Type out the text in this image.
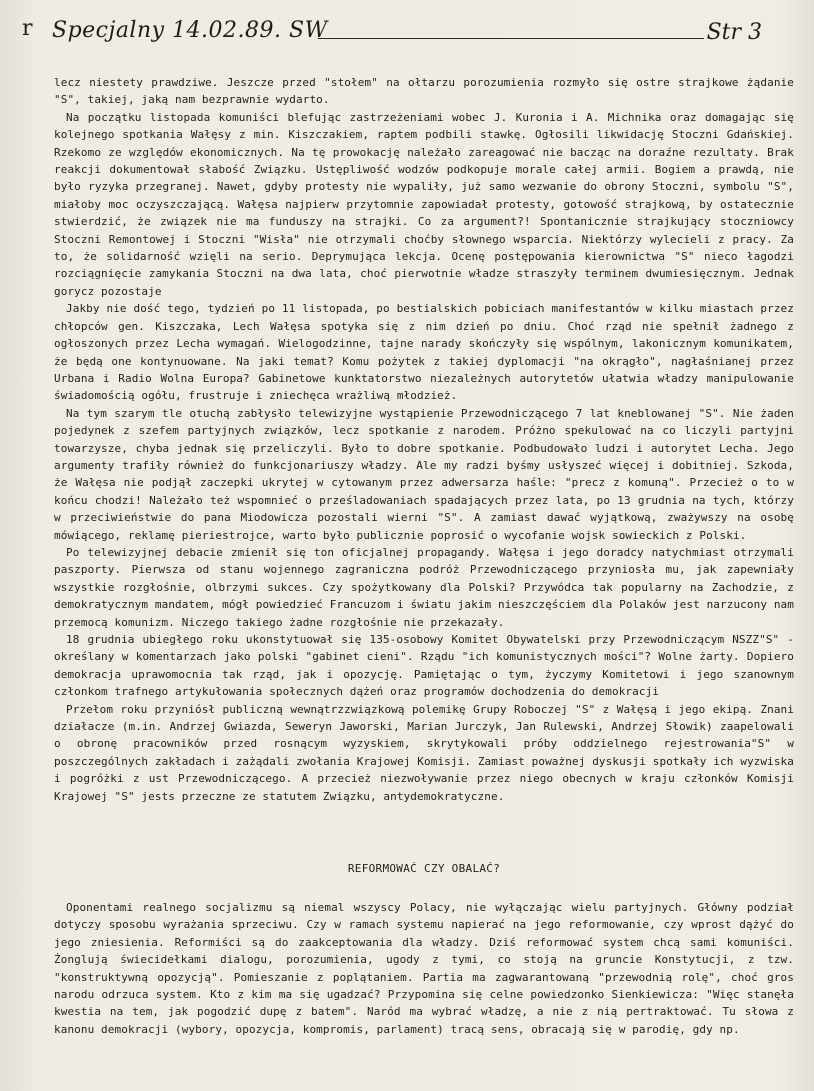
r Specjalny 14.02.89. SW	Str 3

lecz niestety prawdziwe. Jeszcze przed "stołem" na ołtarzu porozumienia rozmyło się ostre strajkowe żądanie "S", takiej, jaką nam bezprawnie wydarto.

Na początku listopada komuniści blefując zastrzeżeniami wobec J. Kuronia i A. Michnika oraz domagając się kolejnego spotkania Wałęsy z min. Kiszczakiem, raptem podbili stawkę. Ogłosili likwidację Stoczni Gdańskiej. Rzekomo ze względów ekonomicznych. Na tę prowokację należało zareagować nie bacząc na doraźne rezultaty. Brak reakcji dokumentował słabość Związku. Ustępliwość wodzów podkopuje morale całej armii. Bogiem a prawdą, nie było ryzyka przegranej. Nawet, gdyby protesty nie wypaliły, już samo wezwanie do obrony Stoczni, symbolu "S", miałoby moc oczyszczającą. Wałęsa najpierw przytomnie zapowiadał protesty, gotowość strajkową, by ostatecznie stwierdzić, że związek nie ma funduszy na strajki. Co za argument?! Spontanicznie strajkujący stoczniowcy Stoczni Remontowej i Stoczni "Wisła" nie otrzymali choćby słownego wsparcia. Niektórzy wylecieli z pracy. Za to, że solidarność wzięli na serio. Deprymująca lekcja. Ocenę postępowania kierownictwa "S" nieco łagodzi rozciągnięcie zamykania Stoczni na dwa lata, choć pierwotnie władze straszyły terminem dwumiesięcznym. Jednak gorycz pozostaje

Jakby nie dość tego, tydzień po 11 listopada, po bestialskich pobiciach manifestantów w kilku miastach przez chłopców gen. Kiszczaka, Lech Wałęsa spotyka się z nim dzień po dniu. Choć rząd nie spełnił żadnego z ogłoszonych przez Lecha wymagań. Wielogodzinne, tajne narady skończyły się wspólnym, lakonicznym komunikatem, że będą one kontynuowane. Na jaki temat? Komu pożytek z takiej dyplomacji "na okrągło", nagłaśnianej przez Urbana i Radio Wolna Europa? Gabinetowe kunktatorstwo niezależnych autorytetów ułatwia władzy manipulowanie świadomością ogółu, frustruje i zniechęca wrażliwą młodzież.

Na tym szarym tle otuchą zabłysło telewizyjne wystąpienie Przewodniczącego 7 lat kneblowanej "S". Nie żaden pojedynek z szefem partyjnych związków, lecz spotkanie z narodem. Próżno spekulować na co liczyli partyjni towarzysze, chyba jednak się przeliczyli. Było to dobre spotkanie. Podbudowało ludzi i autorytet Lecha. Jego argumenty trafiły również do funkcjonariuszy władzy. Ale my radzi byśmy usłyszeć więcej i dobitniej. Szkoda, że Wałęsa nie podjął zaczepki ukrytej w cytowanym przez adwersarza haśle: "precz z komuną". Przecież o to w końcu chodzi! Należało też wspomnieć o prześladowaniach spadających przez lata, po 13 grudnia na tych, którzy w przeciwieństwie do pana Miodowicza pozostali wierni "S". A zamiast dawać wyjątkową, zważywszy na osobę mówiącego, reklamę pieriestrojce, warto było publicznie poprosić o wycofanie wojsk sowieckich z Polski.

Po telewizyjnej debacie zmienił się ton oficjalnej propagandy. Wałęsa i jego doradcy natychmiast otrzymali paszporty. Pierwsza od stanu wojennego zagraniczna podróż Przewodniczącego przyniosła mu, jak zapewniały wszystkie rozgłośnie, olbrzymi sukces. Czy spożytkowany dla Polski? Przywódca tak popularny na Zachodzie, z demokratycznym mandatem, mógł powiedzieć Francuzom i światu jakim nieszczęściem dla Polaków jest narzucony nam przemocą komunizm. Niczego takiego żadne rozgłośnie nie przekazały.

18 grudnia ubiegłego roku ukonstytuował się 135-osobowy Komitet Obywatelski przy Przewodniczącym NSZZ"S" - określany w komentarzach jako polski "gabinet cieni". Rządu "ich komunistycznych mości"? Wolne żarty. Dopiero demokracja uprawomocnia tak rząd, jak i opozycję. Pamiętając o tym, życzymy Komitetowi i jego szanownym członkom trafnego artykułowania społecznych dążeń oraz programów dochodzenia do demokracji

Przełom roku przyniósł publiczną wewnątrzzwiązkową polemikę Grupy Roboczej "S" z Wałęsą i jego ekipą. Znani działacze (m.in. Andrzej Gwiazda, Seweryn Jaworski, Marian Jurczyk, Jan Rulewski, Andrzej Słowik) zaapelowali o obronę pracowników przed rosnącym wyzyskiem, skrytykowali próby oddzielnego rejestrowania"S" w poszczególnych zakładach i zażądali zwołania Krajowej Komisji. Zamiast poważnej dyskusji spotkały ich wyzwiska i pogróżki z ust Przewodniczącego. A przecież niezwoływanie przez niego obecnych w kraju członków Komisji Krajowej "S" jests przeczne ze statutem Związku, antydemokratyczne.

REFORMOWAĆ CZY OBALAĆ?

Oponentami realnego socjalizmu są niemal wszyscy Polacy, nie wyłączając wielu partyjnych. Główny podział dotyczy sposobu wyrażania sprzeciwu. Czy w ramach systemu napierać na jego reformowanie, czy wprost dążyć do jego zniesienia. Reformiści są do zaakceptowania dla władzy. Dziś reformować system chcą sami komuniści. Żonglują świecidełkami dialogu, porozumienia, ugody z tymi, co stoją na gruncie Konstytucji, z tzw. "konstruktywną opozycją". Pomieszanie z poplątaniem. Partia ma zagwarantowaną "przewodnią rolę", choć gros narodu odrzuca system. Kto z kim ma się ugadzać? Przypomina się celne powiedzonko Sienkiewicza: "Więc stanęła kwestia na tem, jak pogodzić dupę z batem". Naród ma wybrać władzę, a nie z nią pertraktować. Tu słowa z kanonu demokracji (wybory, opozycja, kompromis, parlament) tracą sens, obracają się w parodię, gdy np.
